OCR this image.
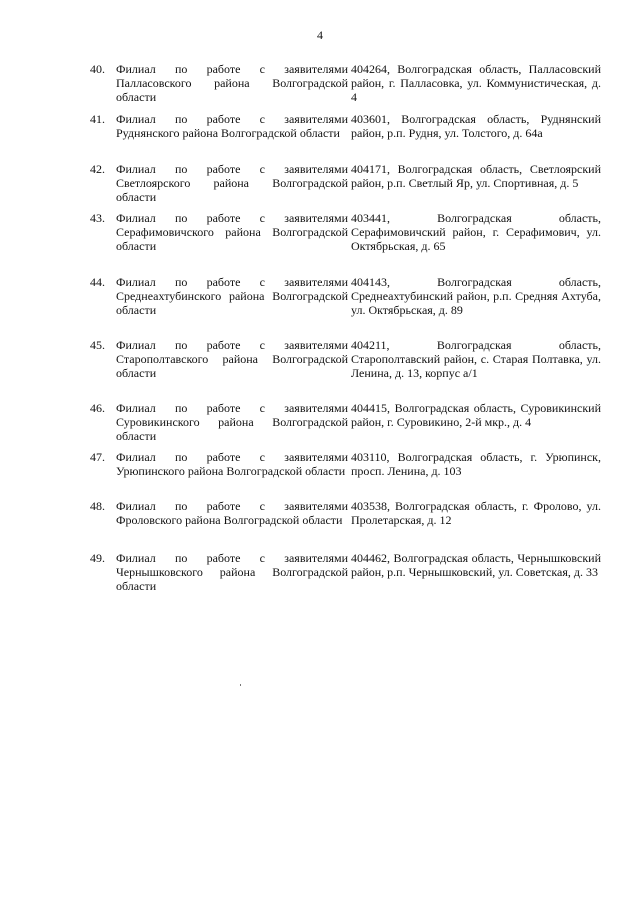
4
40. Филиал по работе с заявителями Палласовского района Волгоградской области
404264, Волгоградская область, Палласовский район, г. Палласовка, ул. Коммунистическая, д. 4
41. Филиал по работе с заявителями Руднянского района Волгоградской области
403601, Волгоградская область, Руднянский район, р.п. Рудня, ул. Толстого, д. 64а
42. Филиал по работе с заявителями Светлоярского района Волгоградской области
404171, Волгоградская область, Светлоярский район, р.п. Светлый Яр, ул. Спортивная, д. 5
43. Филиал по работе с заявителями Серафимовичского района Волгоградской области
403441, Волгоградская область, Серафимовичский район, г. Серафимович, ул. Октябрьская, д. 65
44. Филиал по работе с заявителями Среднеахтубинского района Волгоградской области
404143, Волгоградская область, Среднеахтубинский район, р.п. Средняя Ахтуба, ул. Октябрьская, д. 89
45. Филиал по работе с заявителями Старополтавского района Волгоградской области
404211, Волгоградская область, Старополтавский район, с. Старая Полтавка, ул. Ленина, д. 13, корпус а/1
46. Филиал по работе с заявителями Суровикинского района Волгоградской области
404415, Волгоградская область, Суровикинский район, г. Суровикино, 2-й мкр., д. 4
47. Филиал по работе с заявителями Урюпинского района Волгоградской области
403110, Волгоградская область, г. Урюпинск, просп. Ленина, д. 103
48. Филиал по работе с заявителями Фроловского района Волгоградской области
403538, Волгоградская область, г. Фролово, ул. Пролетарская, д. 12
49. Филиал по работе с заявителями Чернышковского района Волгоградской области
404462, Волгоградская область, Чернышковский район, р.п. Чернышковский, ул. Советская, д. 33
